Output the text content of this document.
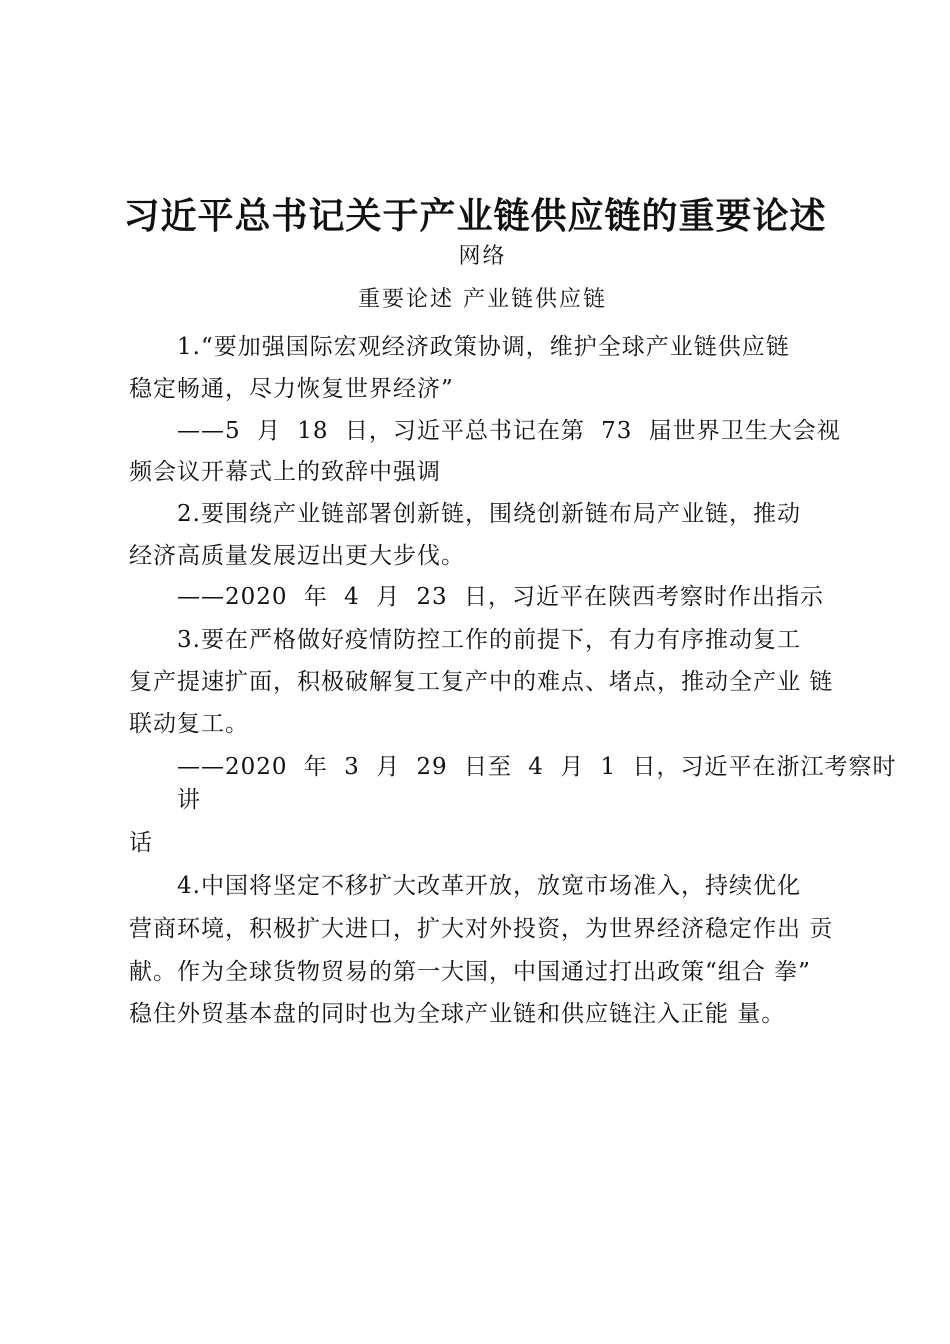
习近平总书记关于产业链供应链的重要论述
网络
重要论述 产业链供应链
1.“要加强国际宏观经济政策协调，维护全球产业链供应链
稳定畅通，尽力恢复世界经济”
——5 月 18 日，习近平总书记在第 73 届世界卫生大会视
频会议开幕式上的致辞中强调
2.要围绕产业链部署创新链，围绕创新链布局产业链，推动
经济高质量发展迈出更大步伐。
——2020 年 4 月 23 日，习近平在陕西考察时作出指示
3.要在严格做好疫情防控工作的前提下，有力有序推动复工
复产提速扩面，积极破解复工复产中的难点、堵点，推动全产业 链
联动复工。
——2020 年 3 月 29 日至 4 月 1 日，习近平在浙江考察时
讲
话
4.中国将坚定不移扩大改革开放，放宽市场准入，持续优化
营商环境，积极扩大进口，扩大对外投资，为世界经济稳定作出 贡
献。作为全球货物贸易的第一大国，中国通过打出政策“组合 拳”
稳住外贸基本盘的同时也为全球产业链和供应链注入正能 量。
